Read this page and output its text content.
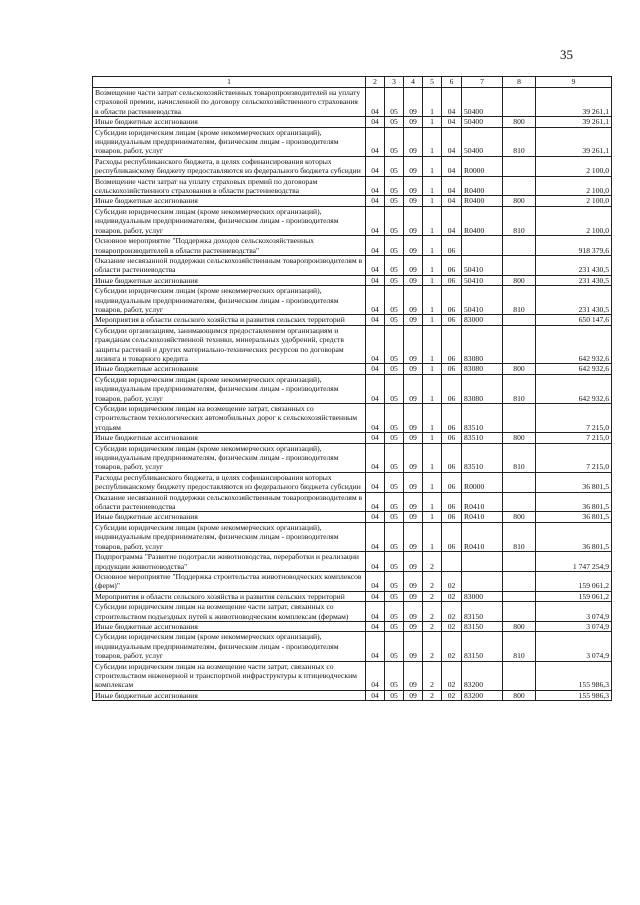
35
1	2	3	4	5	6	7	8	9
Возмещение части затрат сельскохозяйственных товаропроизводителей на уплату страховой премии, начисленной по договору сельскохозяйственного страхования в области растениеводства	04	05	09	1	04	50400		39 261,1
Иные бюджетные ассигнования	04	05	09	1	04	50400	800	39 261,1
Субсидии юридическим лицам (кроме некоммерческих организаций), индивидуальным предпринимателям, физическим лицам - производителям товаров, работ, услуг	04	05	09	1	04	50400	810	39 261,1
Расходы республиканского бюджета, в целях софинансирования которых республиканскому бюджету предоставляются из федерального бюджета субсидии	04	05	09	1	04	R0000		2 100,0
Возмещение части затрат на уплату страховых премий по договорам сельскохозяйственного страхования в области растениеводства	04	05	09	1	04	R0400		2 100,0
Иные бюджетные ассигнования	04	05	09	1	04	R0400	800	2 100,0
Субсидии юридическим лицам (кроме некоммерческих организаций), индивидуальным предпринимателям, физическим лицам - производителям товаров, работ, услуг	04	05	09	1	04	R0400	810	2 100,0
Основное мероприятие "Поддержка доходов сельскохозяйственных товаропроизводителей в области растениеводства"	04	05	09	1	06			918 379,6
Оказание несвязанной поддержки сельскохозяйственным товаропроизводителям в области растениеводства	04	05	09	1	06	50410		231 430,5
Иные бюджетные ассигнования	04	05	09	1	06	50410	800	231 430,5
Субсидии юридическим лицам (кроме некоммерческих организаций), индивидуальным предпринимателям, физическим лицам - производителям товаров, работ, услуг	04	05	09	1	06	50410	810	231 430,5
Мероприятия в области сельского хозяйства и развития сельских территорий	04	05	09	1	06	83000		650 147,6
Субсидии организациям, занимающимся предоставлением организациям и гражданам сельскохозяйственной техники, минеральных удобрений, средств защиты растений и других материально-технических ресурсов по договорам лизинга и товарного кредита	04	05	09	1	06	83080		642 932,6
Иные бюджетные ассигнования	04	05	09	1	06	83080	800	642 932,6
Субсидии юридическим лицам (кроме некоммерческих организаций), индивидуальным предпринимателям, физическим лицам - производителям товаров, работ, услуг	04	05	09	1	06	83080	810	642 932,6
Субсидии юридическим лицам на возмещение затрат, связанных со строительством технологических автомобильных дорог к сельскохозяйственным угодьям	04	05	09	1	06	83510		7 215,0
Иные бюджетные ассигнования	04	05	09	1	06	83510	800	7 215,0
Субсидии юридическим лицам (кроме некоммерческих организаций), индивидуальным предпринимателям, физическим лицам - производителям товаров, работ, услуг	04	05	09	1	06	83510	810	7 215,0
Расходы республиканского бюджета, в целях софинансирования которых республиканскому бюджету предоставляются из федерального бюджета субсидии	04	05	09	1	06	R0000		36 801,5
Оказание несвязанной поддержки сельскохозяйственным товаропроизводителям в области растениеводства	04	05	09	1	06	R0410		36 801,5
Иные бюджетные ассигнования	04	05	09	1	06	R0410	800	36 801,5
Субсидии юридическим лицам (кроме некоммерческих организаций), индивидуальным предпринимателям, физическим лицам - производителям товаров, работ, услуг	04	05	09	1	06	R0410	810	36 801,5
Подпрограмма "Развитие подотрасли животноводства, переработки и реализации продукции животноводства"	04	05	09	2				1 747 254,9
Основное мероприятие "Поддержка строительства животноводческих комплексов (ферм)"	04	05	09	2	02			159 061,2
Мероприятия в области сельского хозяйства и развития сельских территорий	04	05	09	2	02	83000		159 061,2
Субсидии юридическим лицам на возмещение части затрат, связанных со строительством подъездных путей к животноводческим комплексам (фермам)	04	05	09	2	02	83150		3 074,9
Иные бюджетные ассигнования	04	05	09	2	02	83150	800	3 074,9
Субсидии юридическим лицам (кроме некоммерческих организаций), индивидуальным предпринимателям, физическим лицам - производителям товаров, работ, услуг	04	05	09	2	02	83150	810	3 074,9
Субсидии юридическим лицам на возмещение части затрат, связанных со строительством инженерной и транспортной инфраструктуры к птицеводческим комплексам	04	05	09	2	02	83200		155 986,3
Иные бюджетные ассигнования	04	05	09	2	02	83200	800	155 986,3
